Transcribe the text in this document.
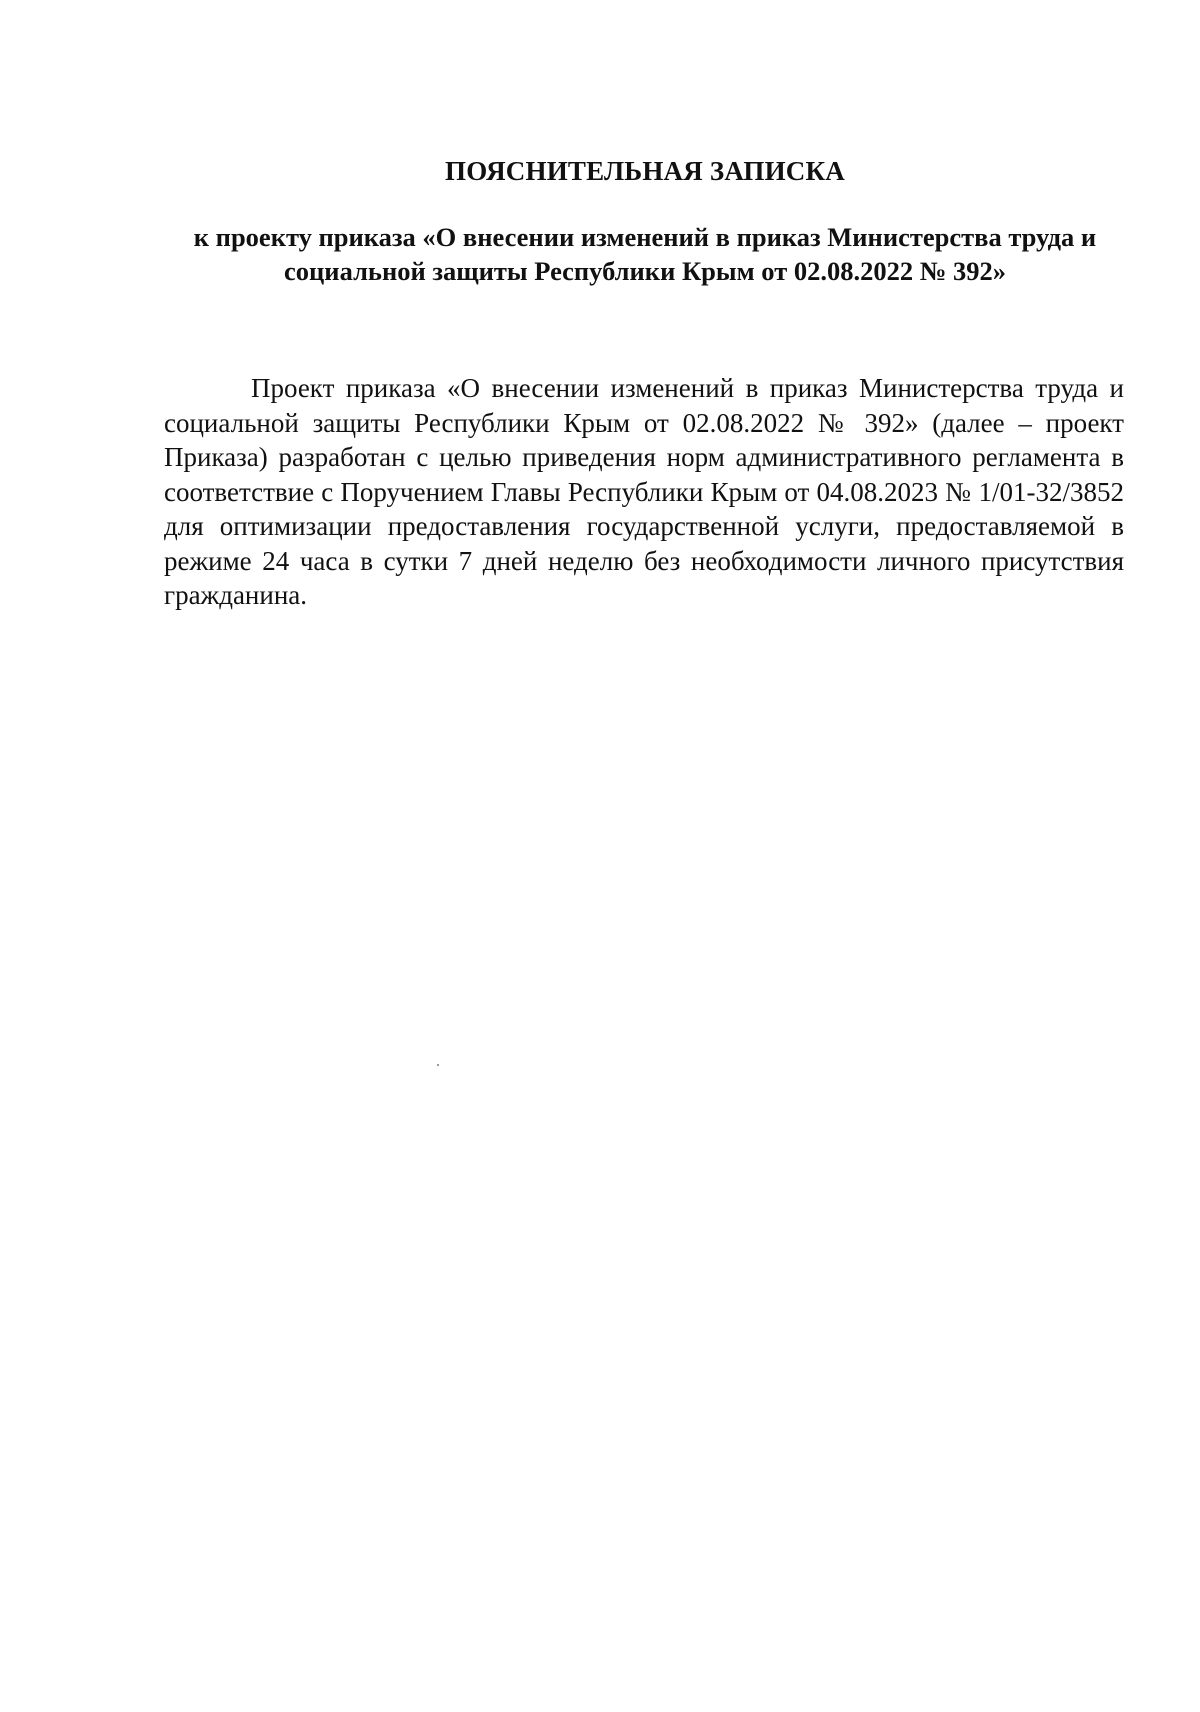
ПОЯСНИТЕЛЬНАЯ ЗАПИСКА
к проекту приказа «О внесении изменений в приказ Министерства труда и социальной защиты Республики Крым от 02.08.2022 № 392»

Проект приказа «О внесении изменений в приказ Министерства труда и социальной защиты Республики Крым от 02.08.2022 № 392» (далее – проект Приказа) разработан с целью приведения норм административного регламента в соответствие с Поручением Главы Республики Крым от 04.08.2023 № 1/01-32/3852 для оптимизации предоставления государственной услуги, предоставляемой в режиме 24 часа в сутки 7 дней неделю без необходимости личного присутствия гражданина.
